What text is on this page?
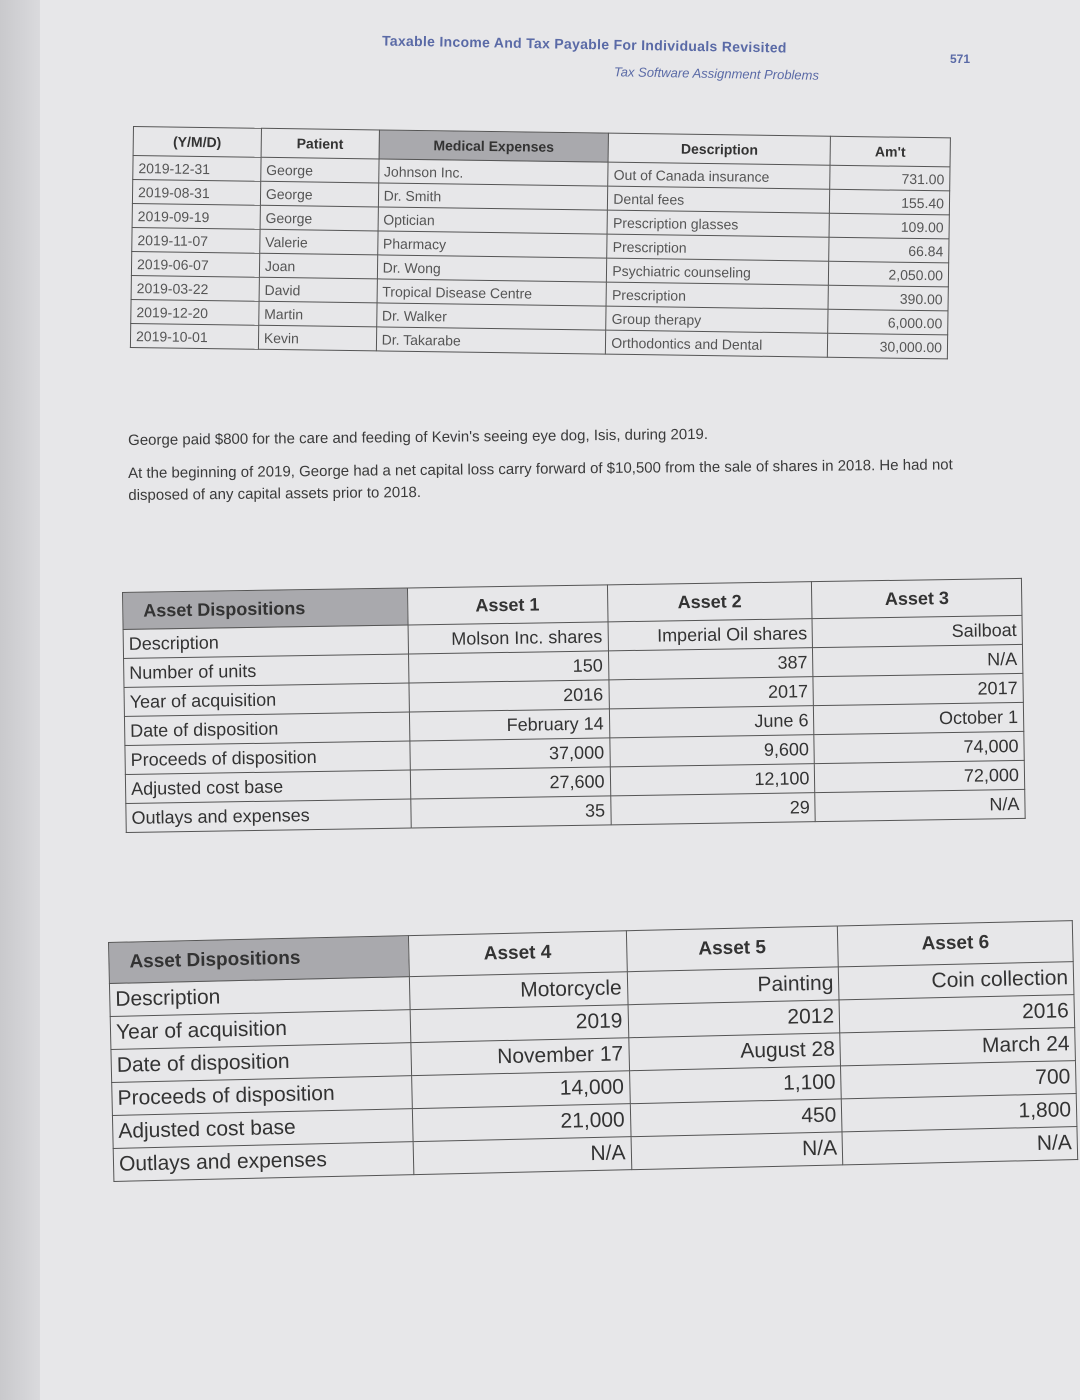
Taxable Income And Tax Payable For Individuals Revisited
571
Tax Software Assignment Problems
(Y/M/D)	Patient	Medical Expenses	Description	Am't
2019-12-31	George	Johnson Inc.	Out of Canada insurance	731.00
2019-08-31	George	Dr. Smith	Dental fees	155.40
2019-09-19	George	Optician	Prescription glasses	109.00
2019-11-07	Valerie	Pharmacy	Prescription	66.84
2019-06-07	Joan	Dr. Wong	Psychiatric counseling	2,050.00
2019-03-22	David	Tropical Disease Centre	Prescription	390.00
2019-12-20	Martin	Dr. Walker	Group therapy	6,000.00
2019-10-01	Kevin	Dr. Takarabe	Orthodontics and Dental	30,000.00
George paid $800 for the care and feeding of Kevin's seeing eye dog, Isis, during 2019.
At the beginning of 2019, George had a net capital loss carry forward of $10,500 from the sale of shares in 2018. He had not disposed of any capital assets prior to 2018.
Asset Dispositions	Asset 1	Asset 2	Asset 3
Description	Molson Inc. shares	Imperial Oil shares	Sailboat
Number of units	150	387	N/A
Year of acquisition	2016	2017	2017
Date of disposition	February 14	June 6	October 1
Proceeds of disposition	37,000	9,600	74,000
Adjusted cost base	27,600	12,100	72,000
Outlays and expenses	35	29	N/A
Asset Dispositions	Asset 4	Asset 5	Asset 6
Description	Motorcycle	Painting	Coin collection
Year of acquisition	2019	2012	2016
Date of disposition	November 17	August 28	March 24
Proceeds of disposition	14,000	1,100	700
Adjusted cost base	21,000	450	1,800
Outlays and expenses	N/A	N/A	N/A
